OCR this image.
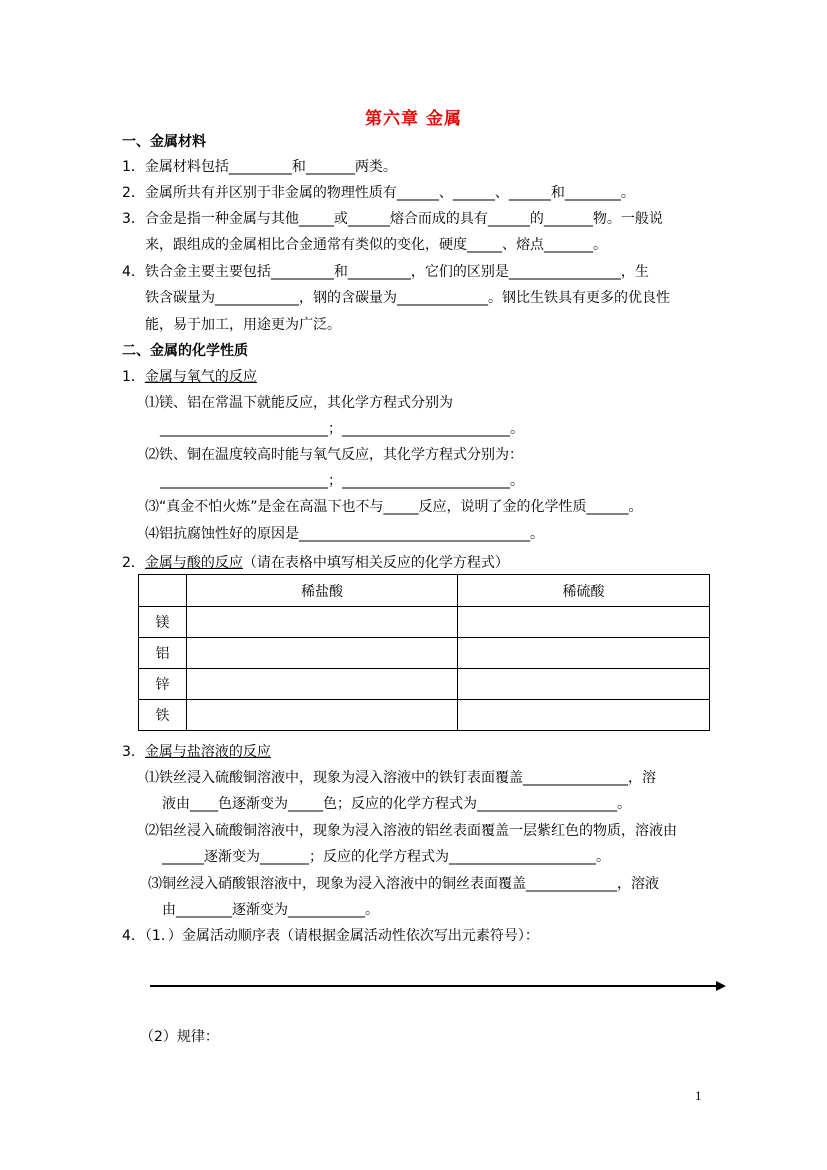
第六章 金属
一、金属材料
1．金属材料包括_________和_______两类。
2．金属所共有并区别于非金属的物理性质有______、______、______和________。
3．合金是指一种金属与其他_____或______熔合而成的具有______的_______物。一般说
来，跟组成的金属相比合金通常有类似的变化，硬度_____、熔点_______。
4．铁合金主要主要包括_________和_________，它们的区别是________________，生
铁含碳量为____________，钢的含碳量为_____________。钢比生铁具有更多的优良性
能，易于加工，用途更为广泛。
二、金属的化学性质
1．金属与氧气的反应
⑴镁、铝在常温下就能反应，其化学方程式分别为
________________________；________________________。
⑵铁、铜在温度较高时能与氧气反应，其化学方程式分别为：
________________________；________________________。
⑶“真金不怕火炼”是金在高温下也不与_____反应，说明了金的化学性质______。
⑷铝抗腐蚀性好的原因是_________________________________。
2．金属与酸的反应（请在表格中填写相关反应的化学方程式）
	稀盐酸	稀硫酸
镁		
铝		
锌		
铁		
3．金属与盐溶液的反应
⑴铁丝浸入硫酸铜溶液中，现象为浸入溶液中的铁钉表面覆盖_______________，溶
液由____色逐渐变为_____色；反应的化学方程式为____________________。
⑵铝丝浸入硫酸铜溶液中，现象为浸入溶液的铝丝表面覆盖一层紫红色的物质，溶液由
______逐渐变为_______；反应的化学方程式为_____________________。
⑶铜丝浸入硝酸银溶液中，现象为浸入溶液中的铜丝表面覆盖_____________，溶液
由________逐渐变为___________。
4．（1．）金属活动顺序表（请根据金属活动性依次写出元素符号）：
（2）规律：
1
